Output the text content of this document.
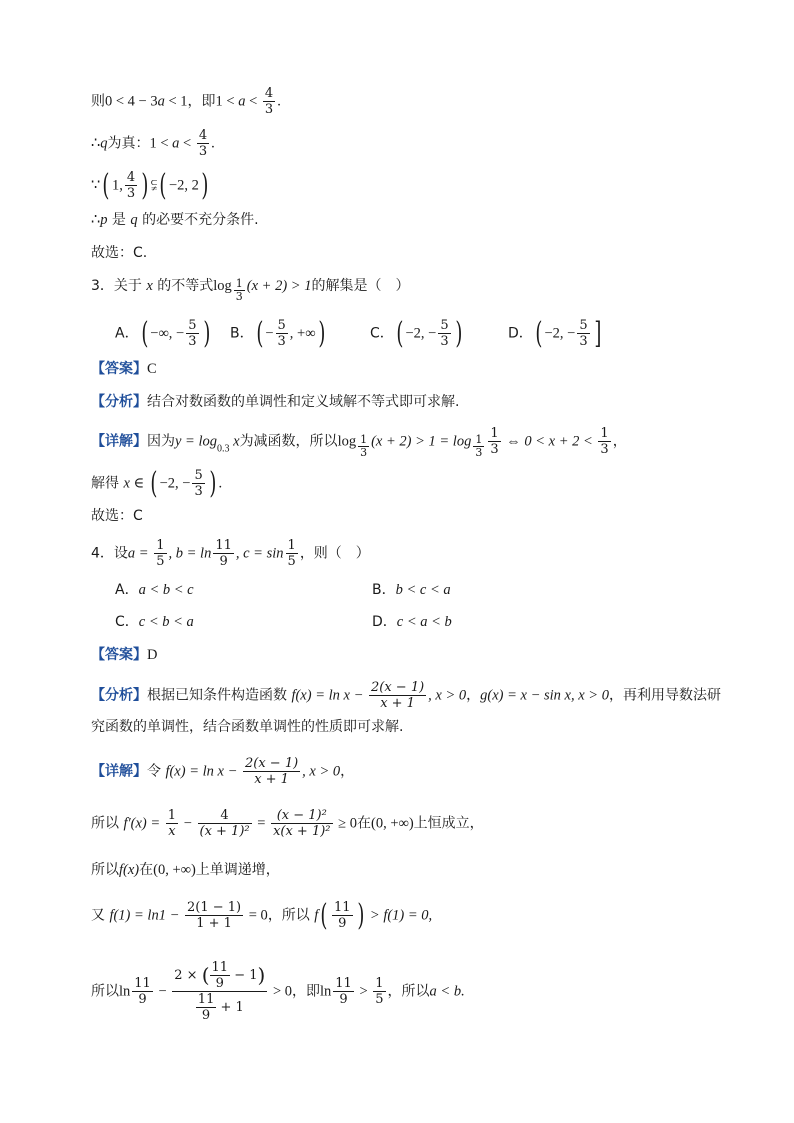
则0 < 4 − 3a < 1，即$1 < a < \frac{4}{3}$ .
∴q为真：$1 < a < \frac{4}{3}$ .
∵( 1, $\frac{4}{3}$ ) ⫋( −2, 2)
∴p 是 q 的必要不充分条件.
故选：C.
3．关于 x 的不等式$\log \frac{1}{3} (x + 2) > 1$的解集是（　）
A．( −∞, − $\frac{5}{3}$ ) B．( − $\frac{5}{3}$ , +∞)	C．( −2, − $\frac{5}{3}$ )	D．( −2, − $\frac{5}{3}$ ]
【答案】C
【分析】结合对数函数的单调性和定义域解不等式即可求解.
【详解】因为$y = \log_{0.3} x$为减函数，所以$\log \frac{1}{3} (x + 2) > 1 = \log \frac{1}{3} \frac{1}{3}$ ⇔ $0 < x + 2 < \frac{1}{3}$ ，
解得 x ∈ ( −2, − $\frac{5}{3}$ ) .
故选：C
4．设$a = \frac{1}{5}$ , $b = \ln \frac{11}{9}$ , $c = \sin \frac{1}{5}$ ，则（　）
A．a < b < c	B．b < c < a
C．c < b < a	D．c < a < b
【答案】D
【分析】根据已知条件构造函数 $f(x) = \ln x - \frac{2(x - 1)}{x + 1}$ , x > 0，g(x) = x − sin x, x > 0，再利用导数法研
究函数的单调性，结合函数单调性的性质即可求解.
【详解】令 $f(x) = \ln x - \frac{2(x - 1)}{x + 1}$ , x > 0，
所以 $f'(x) = \frac{1}{x} - \frac{4}{\text{(x + 1)²}} = \frac{\text{(x − 1)²}}{\text{x(x + 1)²}} \ge 0$在(0, +∞)上恒成立，
所以f(x)在(0, +∞)上单调递增，
又 $f(1) = \ln 1 - \frac{2(1 - 1)}{1 + 1} = 0$，所以 $f( \frac{11}{9}$ ) > f(1) = 0,
所以$\ln \frac{11}{9} - \frac{2 \times ( \frac{11}{9} - 1)}{\frac{11}{9} + 1} > 0$，即$\ln \frac{11}{9} > \frac{1}{5}$ ，所以a < b.
